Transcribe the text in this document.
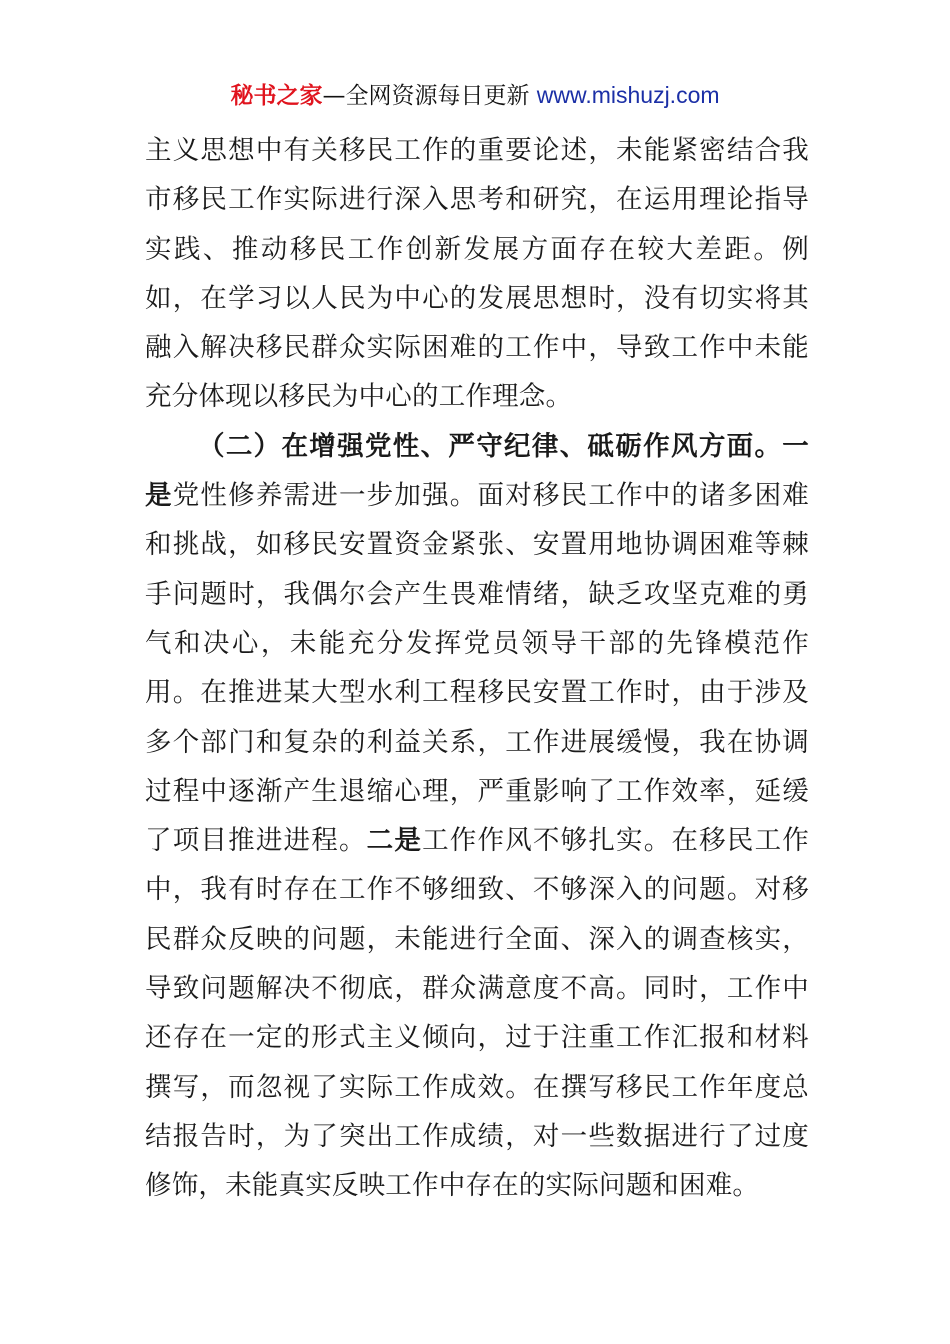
秘书之家—全网资源每日更新 www.mishuzj.com

主义思想中有关移民工作的重要论述，未能紧密结合我市移民工作实际进行深入思考和研究，在运用理论指导实践、推动移民工作创新发展方面存在较大差距。例如，在学习以人民为中心的发展思想时，没有切实将其融入解决移民群众实际困难的工作中，导致工作中未能充分体现以移民为中心的工作理念。

（二）在增强党性、严守纪律、砥砺作风方面。一是党性修养需进一步加强。面对移民工作中的诸多困难和挑战，如移民安置资金紧张、安置用地协调困难等棘手问题时，我偶尔会产生畏难情绪，缺乏攻坚克难的勇气和决心，未能充分发挥党员领导干部的先锋模范作用。在推进某大型水利工程移民安置工作时，由于涉及多个部门和复杂的利益关系，工作进展缓慢，我在协调过程中逐渐产生退缩心理，严重影响了工作效率，延缓了项目推进进程。二是工作作风不够扎实。在移民工作中，我有时存在工作不够细致、不够深入的问题。对移民群众反映的问题，未能进行全面、深入的调查核实，导致问题解决不彻底，群众满意度不高。同时，工作中还存在一定的形式主义倾向，过于注重工作汇报和材料撰写，而忽视了实际工作成效。在撰写移民工作年度总结报告时，为了突出工作成绩，对一些数据进行了过度修饰，未能真实反映工作中存在的实际问题和困难。
